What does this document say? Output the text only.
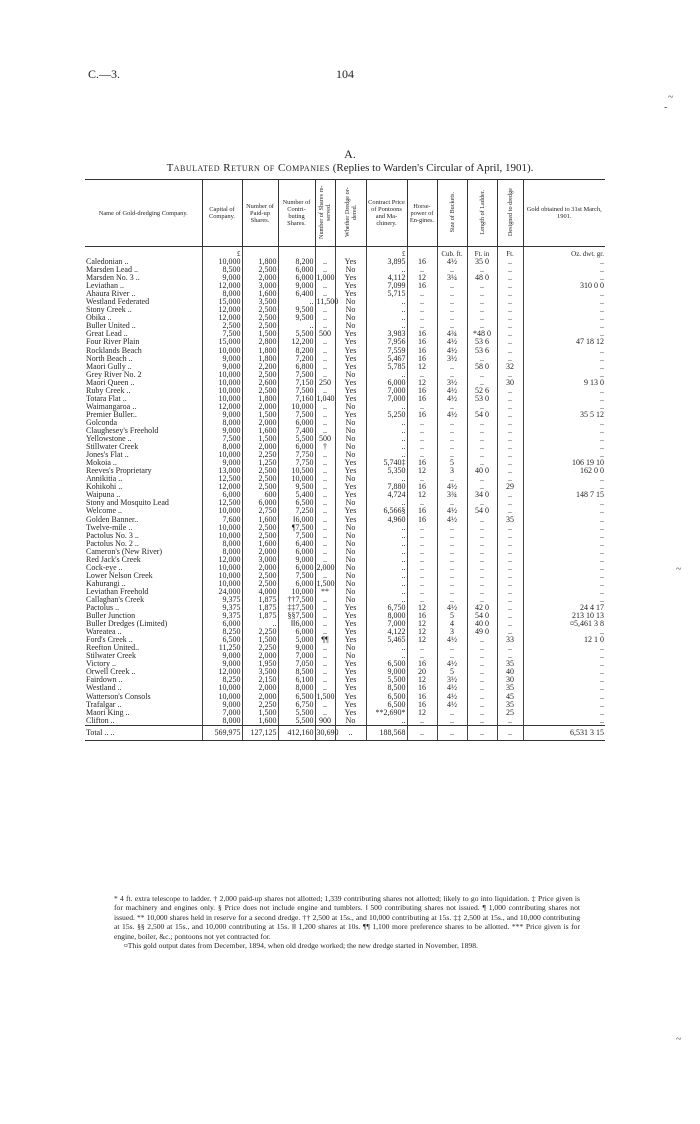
C.—3.	104
~
-
~
~
A.
Tabulated Return of Companies (Replies to Warden's Circular of April, 1901).
Name of Gold-dredging Company.	Capital of Company.	Number of Paid-up Shares.	Number of Contri-buting Shares.	Number of Shares re-served.	Whether Dredge or-dered.	Contract Price of Pontoons and Ma-chinery.	Horse-power of En-gines.	Size of Buckets.	Length of Ladder.	Designed to dredge	Gold obtained to 31st March, 1901.
	£					£		Cub. ft.	Ft. in	Ft.	Oz. dwt. gr.
Caledonian ..	10,000	1,800	8,200	..	Yes	3,895	16	4½	35 0	..	..
Marsden Lead ..	8,500	2,500	6,000	..	No	..	..	..	..	..	..
Marsden No. 3 ..	9,000	2,000	6,000	1,000	Yes	4,112	12	3¼	48 0	..	..
Leviathan ..	12,000	3,000	9,000	..	Yes	7,099	16	..	..	..	310 0 0
Ahaura River ..	8,000	1,600	6,400	..	Yes	5,715	..	..	..	..	..
Westland Federated	15,000	3,500	..	11,500	No	..	..	..	..	..	..
Stony Creek ..	12,000	2,500	9,500	..	No	..	..	..	..	..	..
Obika ..	12,000	2,500	9,500	..	No	..	..	..	..	..	..
Buller United ..	2,500	2,500	..	..	No	..	..	..	..	..	..
Great Lead ..	7,500	1,500	5,500	500	Yes	3,983	16	4¾	*48 0	..	..
Four River Plain	15,000	2,800	12,200	..	Yes	7,956	16	4½	53 6	..	47 18 12
Rocklands Beach	10,000	1,800	8,200	..	Yes	7,559	16	4½	53 6	..	..
North Beach ..	9,000	1,800	7,200	..	Yes	5,467	16	3½	..	..	..
Maori Gully ..	9,000	2,200	6,800	..	Yes	5,785	12	..	58 0	32	..
Grey River No. 2	10,000	2,500	7,500	..	No	..	..	..	..	..	..
Maori Queen ..	10,000	2,600	7,150	250	Yes	6,000	12	3½	..	30	9 13 0
Ruby Creek ..	10,000	2,500	7,500	..	Yes	7,000	16	4½	52 6	..	..
Totara Flat ..	10,000	1,800	7,160	1,040	Yes	7,000	16	4½	53 0	..	..
Waimangaroa ..	12,000	2,000	10,000	..	No	..	..	..	..	..	..
Premier Buller..	9,000	1,500	7,500	..	Yes	5,250	16	4½	54 0	..	35 5 12
Golconda	8,000	2,000	6,000	..	No	..	..	..	..	..	..
Claughesey's Freehold	9,000	1,600	7,400	..	No	..	..	..	..	..	..
Yellowstone ..	7,500	1,500	5,500	500	No	..	..	..	..	..	..
Stillwater Creek	8,000	2,000	6,000	†	No	..	..	..	..	..	..
Jones's Flat ..	10,000	2,250	7,750	..	No	..	..	..	..	..	..
Mokoia ..	9,000	1,250	7,750	..	Yes	5,740‡	16	5	..	..	106 19 10
Reeves's Proprietary	13,000	2,500	10,500	..	Yes	5,350	12	3	40 0	..	162 0 0
Annikitia ..	12,500	2,500	10,000	..	No	..	..	..	..	..	..
Kohikohi ..	12,000	2,500	9,500	..	Yes	7,880	16	4½	..	29	..
Waipuna ..	6,000	600	5,400	..	Yes	4,724	12	3¾	34 0	..	148 7 15
Stony and Mosquito Lead	12,500	6,000	6,500	..	No	..	..	..	..	..	..
Welcome ..	10,000	2,750	7,250	..	Yes	6,566§	16	4½	54 0	..	..
Golden Banner..	7,600	1,600	‖6,000	..	Yes	4,960	16	4½	..	35	..
Twelve-mile ..	10,000	2,500	¶7,500	..	No	..	..	..	..	..	..
Pactolus No. 3 ..	10,000	2,500	7,500	..	No	..	..	..	..	..	..
Pactolus No. 2 ..	8,000	1,600	6,400	..	No	..	..	..	..	..	..
Cameron's (New River)	8,000	2,000	6,000	..	No	..	..	..	..	..	..
Red Jack's Creek	12,000	3,000	9,000	..	No	..	..	..	..	..	..
Cock-eye ..	10,000	2,000	6,000	2,000	No	..	..	..	..	..	..
Lower Nelson Creek	10,000	2,500	7,500	..	No	..	..	..	..	..	..
Kahurangi ..	10,000	2,500	6,000	1,500	No	..	..	..	..	..	..
Leviathan Freehold	24,000	4,000	10,000	**	No	..	..	..	..	..	..
Callaghan's Creek	9,375	1,875	††7,500	..	No	..	..	..	..	..	..
Pactolus ..	9,375	1,875	‡‡7,500	..	Yes	6,750	12	4½	42 0	..	24 4 17
Buller Junction	9,375	1,875	§§7,500	..	Yes	8,000	16	5	54 0	..	213 10 13
Buller Dredges (Limited)	6,000	..	‖‖6,000	..	Yes	7,000	12	4	40 0	..	¤5,461 3 8
Wareatea ..	8,250	2,250	6,000	..	Yes	4,122	12	3	49 0	..	..
Ford's Creek ..	6,500	1,500	5,000	¶¶	Yes	5,465	12	4½	..	33	12 1 0
Reefton United..	11,250	2,250	9,000	..	No	..	..	..	..	..	..
Stilwater Creek	9,000	2,000	7,000	..	No	..	..	..	..	..	..
Victory ..	9,000	1,950	7,050	..	Yes	6,500	16	4½	..	35	..
Orwell Creek ..	12,000	3,500	8,500	..	Yes	9,000	20	5	..	40	..
Fairdown ..	8,250	2,150	6,100	..	Yes	5,500	12	3½	..	30	..
Westland ..	10,000	2,000	8,000	..	Yes	8,500	16	4½	..	35	..
Watterson's Consols	10,000	2,000	6,500	1,500	Yes	6,500	16	4½	..	45	..
Trafalgar ..	9,000	2,250	6,750	..	Yes	6,500	16	4½	..	35	..
Maori King ..	7,000	1,500	5,500	..	Yes	**2,690*	12	..	..	25	..
Clifton ..	8,000	1,600	5,500	900	No	..	..	..	..	..	..
Total .. ..	569,975	127,125	412,160	30,690	..	188,568	..	..	..	..	6,531 3 15

* 4 ft. extra telescope to ladder. † 2,000 paid-up shares not allotted; 1,339 contributing shares not allotted; likely to go into liquidation. ‡ Price given is for machinery and engines only. § Price does not include engine and tumblers. ‖ 500 contributing shares not issued. ¶ 1,000 contributing shares not issued. ** 10,000 shares held in reserve for a second dredge. †† 2,500 at 15s., and 10,000 contributing at 15s. ‡‡ 2,500 at 15s., and 10,000 contributing at 15s. §§ 2,500 at 15s., and 10,000 contributing at 15s. ‖‖ 1,200 shares at 10s. ¶¶ 1,100 more preference shares to be allotted. *** Price given is for engine, boiler, &c.; pontoons not yet contracted for.

¤This gold output dates from December, 1894, when old dredge worked; the new dredge started in November, 1898.
